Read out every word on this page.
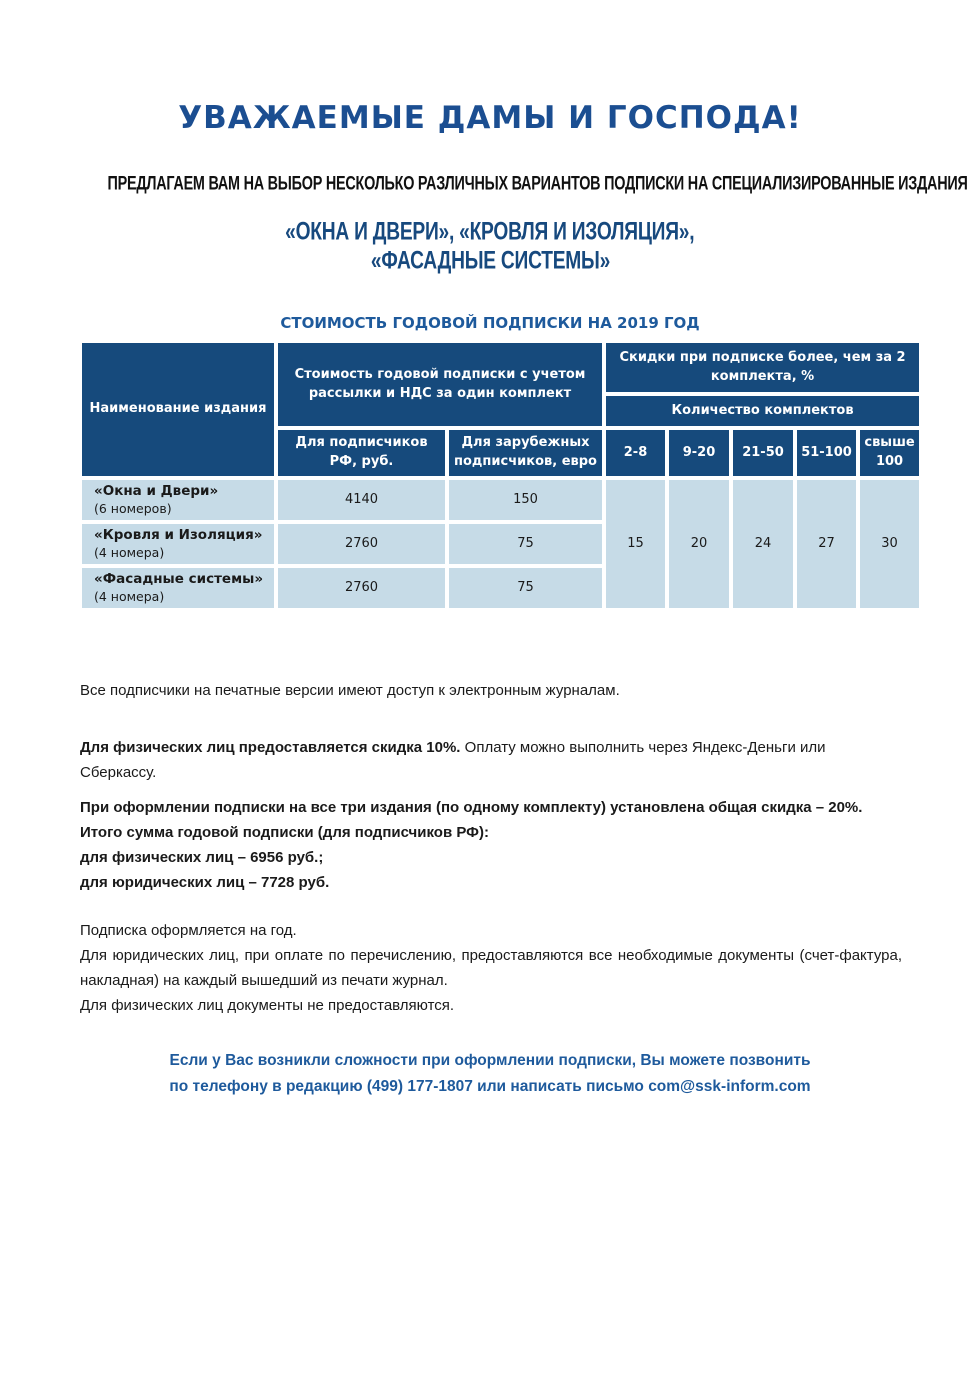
УВАЖАЕМЫЕ ДАМЫ И ГОСПОДА!
ПРЕДЛАГАЕМ ВАМ НА ВЫБОР НЕСКОЛЬКО РАЗЛИЧНЫХ ВАРИАНТОВ ПОДПИСКИ НА СПЕЦИАЛИЗИРОВАННЫЕ ИЗДАНИЯ
«ОКНА И ДВЕРИ», «КРОВЛЯ И ИЗОЛЯЦИЯ»,
«ФАСАДНЫЕ СИСТЕМЫ»
СТОИМОСТЬ ГОДОВОЙ ПОДПИСКИ НА 2019 ГОД
Наименование издания	Стоимость годовой подписки с учетом рассылки и НДС за один комплект		Скидки при подписке более, чем за 2 комплекта, %				
			Количество комплектов				
	Для подписчиков РФ, руб.	Для зарубежных подписчиков, евро	2-8	9-20	21-50	51-100	свыше 100

«Окна и Двери»
(6 номеров)	4140	150	15	20	24	27	30

«Кровля и Изоляция»
(4 номера)	2760	75					

«Фасадные системы»
(4 номера)	2760	75					
Все подписчики на печатные версии имеют доступ к электронным журналам.
Для физических лиц предоставляется скидка 10%. Оплату можно выполнить через Яндекс-Деньги или Сберкассу.
При оформлении подписки на все три издания (по одному комплекту) установлена общая скидка – 20%.
Итого сумма годовой подписки (для подписчиков РФ):
для физических лиц – 6956 руб.;
для юридических лиц – 7728 руб.
Подписка оформляется на год.
Для юридических лиц, при оплате по перечислению, предоставляются все необходимые документы (счет-фактура, накладная) на каждый вышедший из печати журнал.
Для физических лиц документы не предоставляются.
Если у Вас возникли сложности при оформлении подписки, Вы можете позвонить
по телефону в редакцию (499) 177-1807 или написать письмо com@ssk-inform.com
